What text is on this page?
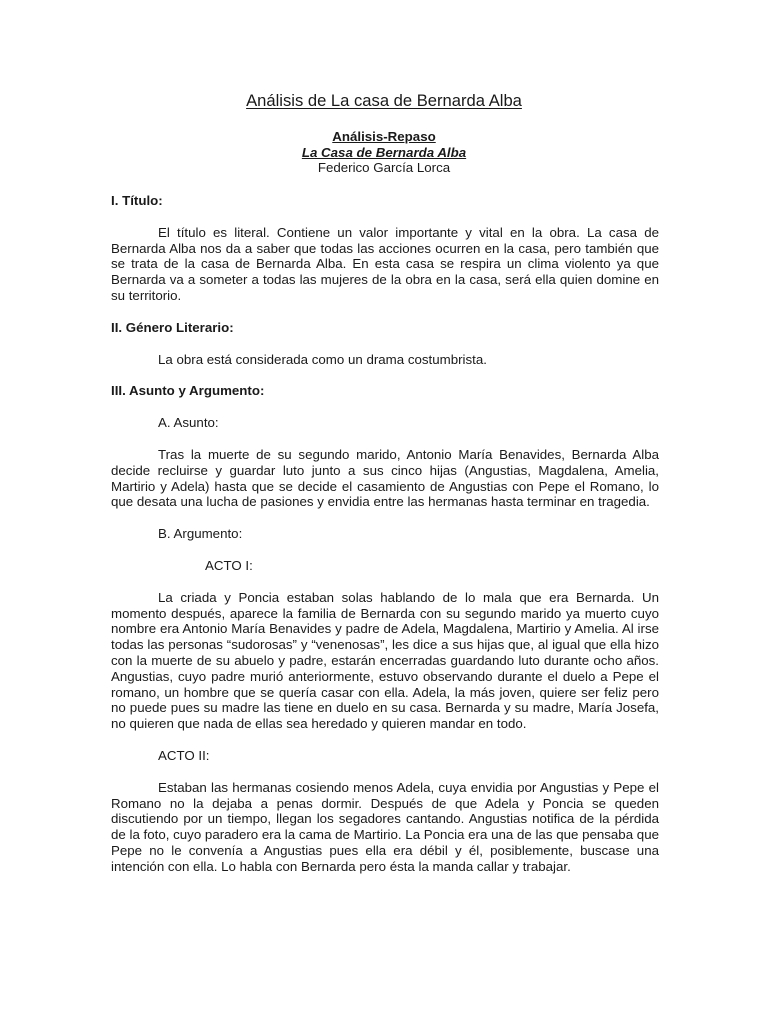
Análisis de La casa de Bernarda Alba
Análisis-Repaso
La Casa de Bernarda Alba
Federico García Lorca
I. Título:

El título es literal. Contiene un valor importante y vital en la obra. La casa de Bernarda Alba nos da a saber que todas las acciones ocurren en la casa, pero también que se trata de la casa de Bernarda Alba. En esta casa se respira un clima violento ya que Bernarda va a someter a todas las mujeres de la obra en la casa, será ella quien domine en su territorio.

II. Género Literario:

La obra está considerada como un drama costumbrista.

III. Asunto y Argumento:
A. Asunto:

Tras la muerte de su segundo marido, Antonio María Benavides, Bernarda Alba decide recluirse y guardar luto junto a sus cinco hijas (Angustias, Magdalena, Amelia, Martirio y Adela) hasta que se decide el casamiento de Angustias con Pepe el Romano, lo que desata una lucha de pasiones y envidia entre las hermanas hasta terminar en tragedia.

B. Argumento:
ACTO I:

La criada y Poncia estaban solas hablando de lo mala que era Bernarda. Un momento después, aparece la familia de Bernarda con su segundo marido ya muerto cuyo nombre era Antonio María Benavides y padre de Adela, Magdalena, Martirio y Amelia. Al irse todas las personas “sudorosas” y “venenosas”, les dice a sus hijas que, al igual que ella hizo con la muerte de su abuelo y padre, estarán encerradas guardando luto durante ocho años. Angustias, cuyo padre murió anteriormente, estuvo observando durante el duelo a Pepe el romano, un hombre que se quería casar con ella. Adela, la más joven, quiere ser feliz pero no puede pues su madre las tiene en duelo en su casa. Bernarda y su madre, María Josefa, no quieren que nada de ellas sea heredado y quieren mandar en todo.

ACTO II:

Estaban las hermanas cosiendo menos Adela, cuya envidia por Angustias y Pepe el Romano no la dejaba a penas dormir. Después de que Adela y Poncia se queden discutiendo por un tiempo, llegan los segadores cantando. Angustias notifica de la pérdida de la foto, cuyo paradero era la cama de Martirio. La Poncia era una de las que pensaba que Pepe no le convenía a Angustias pues ella era débil y él, posiblemente, buscase una intención con ella. Lo habla con Bernarda pero ésta la manda callar y trabajar.
